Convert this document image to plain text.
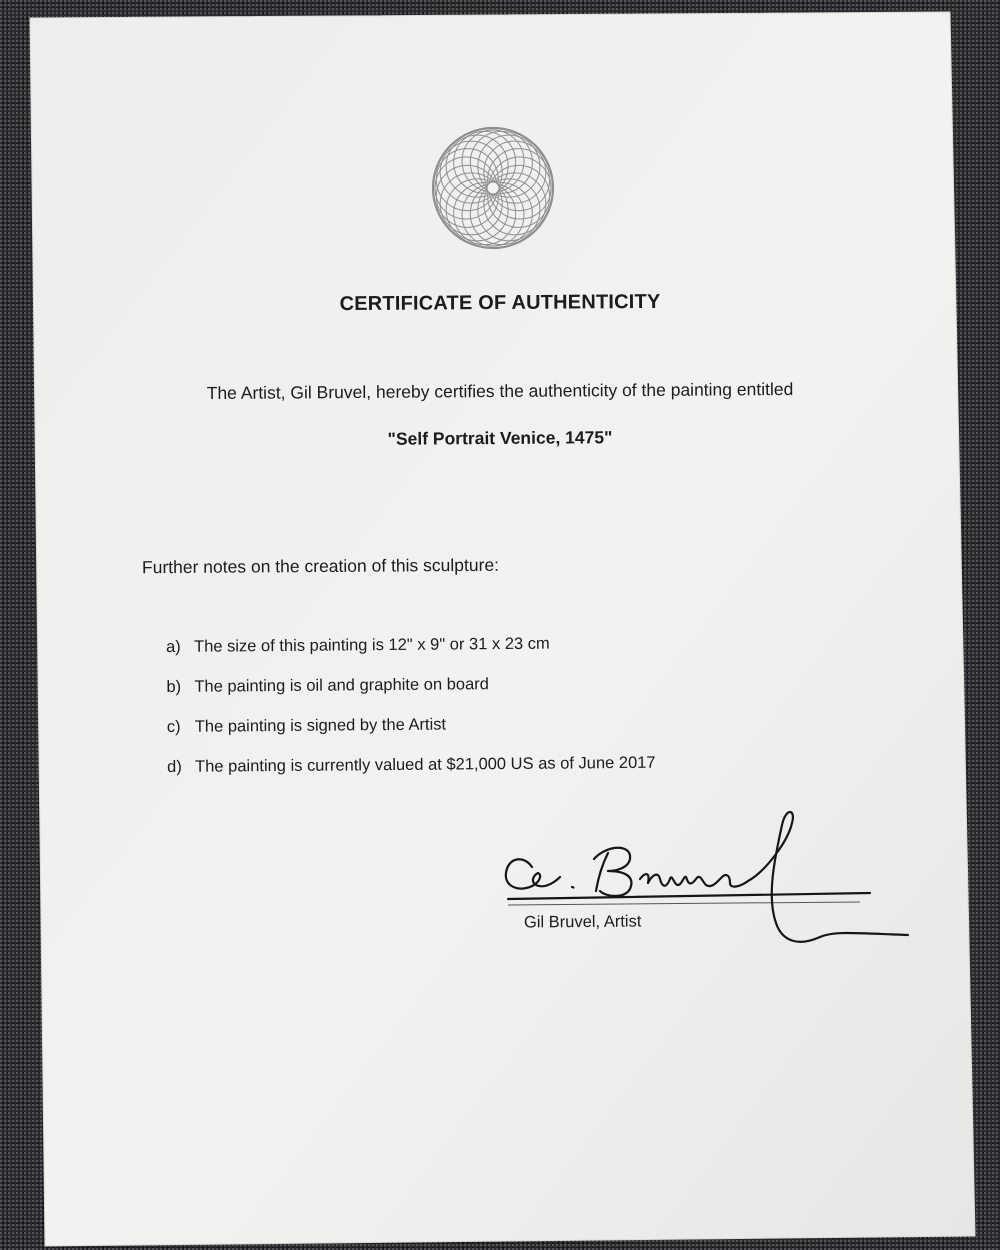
CERTIFICATE OF AUTHENTICITY
The Artist, Gil Bruvel, hereby certifies the authenticity of the painting entitled
"Self Portrait Venice, 1475"
Further notes on the creation of this sculpture:
a) The size of this painting is 12" x 9" or 31 x 23 cm
b) The painting is oil and graphite on board
c) The painting is signed by the Artist
d) The painting is currently valued at $21,000 US as of June 2017
Gil Bruvel, Artist
